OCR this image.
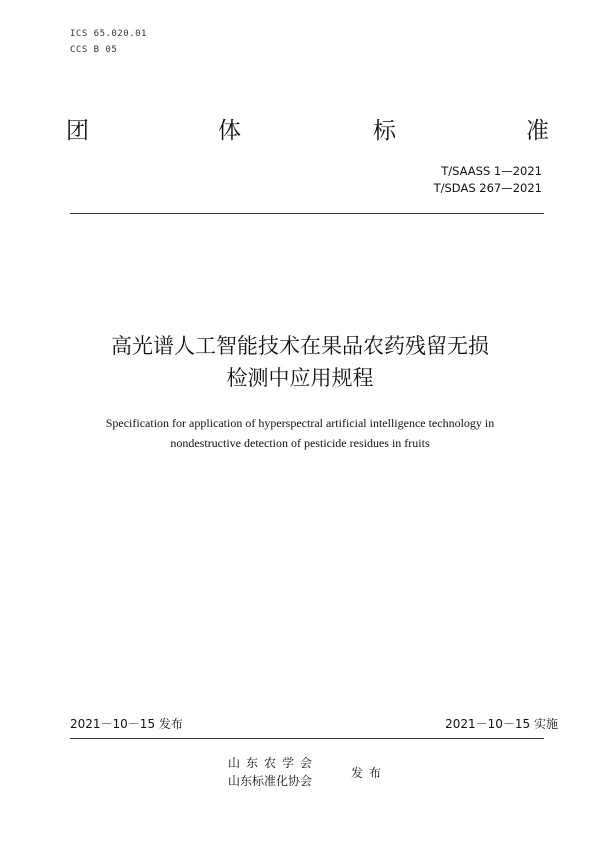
ICS 65.020.01
CCS B 05
团	体	标	准
T/SAASS 1—2021
T/SDAS 267—2021
高光谱人工智能技术在果品农药残留无损
检测中应用规程
Specification for application of hyperspectral artificial intelligence technology in
nondestructive detection of pesticide residues in fruits
2021－10－15 发布	2021－10－15 实施
山东农学会
山东标准化协会
发布
